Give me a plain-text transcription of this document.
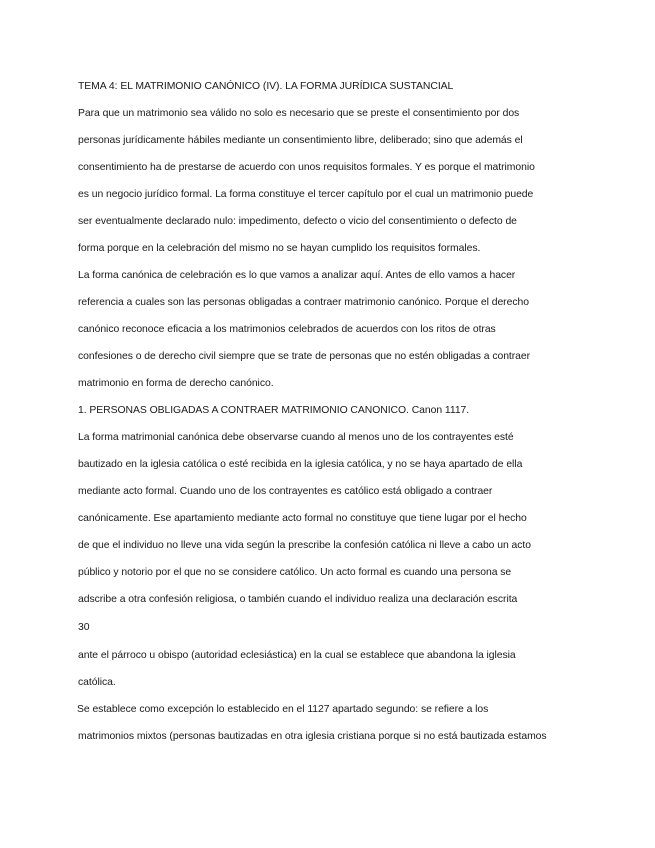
TEMA 4: EL MATRIMONIO CANÓNICO (IV). LA FORMA JURÍDICA SUSTANCIAL
Para que un matrimonio sea válido no solo es necesario que se preste el consentimiento por dos
personas jurídicamente hábiles mediante un consentimiento libre, deliberado; sino que además el
consentimiento ha de prestarse de acuerdo con unos requisitos formales. Y es porque el matrimonio
es un negocio jurídico formal. La forma constituye el tercer capítulo por el cual un matrimonio puede
ser eventualmente declarado nulo: impedimento, defecto o vicio del consentimiento o defecto de
forma porque en la celebración del mismo no se hayan cumplido los requisitos formales.
La forma canónica de celebración es lo que vamos a analizar aquí. Antes de ello vamos a hacer
referencia a cuales son las personas obligadas a contraer matrimonio canónico. Porque el derecho
canónico reconoce eficacia a los matrimonios celebrados de acuerdos con los ritos de otras
confesiones o de derecho civil siempre que se trate de personas que no estén obligadas a contraer
matrimonio en forma de derecho canónico.
1. PERSONAS OBLIGADAS A CONTRAER MATRIMONIO CANONICO. Canon 1117.
La forma matrimonial canónica debe observarse cuando al menos uno de los contrayentes esté
bautizado en la iglesia católica o esté recibida en la iglesia católica, y no se haya apartado de ella
mediante acto formal. Cuando uno de los contrayentes es católico está obligado a contraer
canónicamente. Ese apartamiento mediante acto formal no constituye que tiene lugar por el hecho
de que el individuo no lleve una vida según la prescribe la confesión católica ni lleve a cabo un acto
público y notorio por el que no se considere católico. Un acto formal es cuando una persona se
adscribe a otra confesión religiosa, o también cuando el individuo realiza una declaración escrita
30
ante el párroco u obispo (autoridad eclesiástica) en la cual se establece que abandona la iglesia
católica.
Se establece como excepción lo establecido en el 1127 apartado segundo: se refiere a los
matrimonios mixtos (personas bautizadas en otra iglesia cristiana porque si no está bautizada estamos
